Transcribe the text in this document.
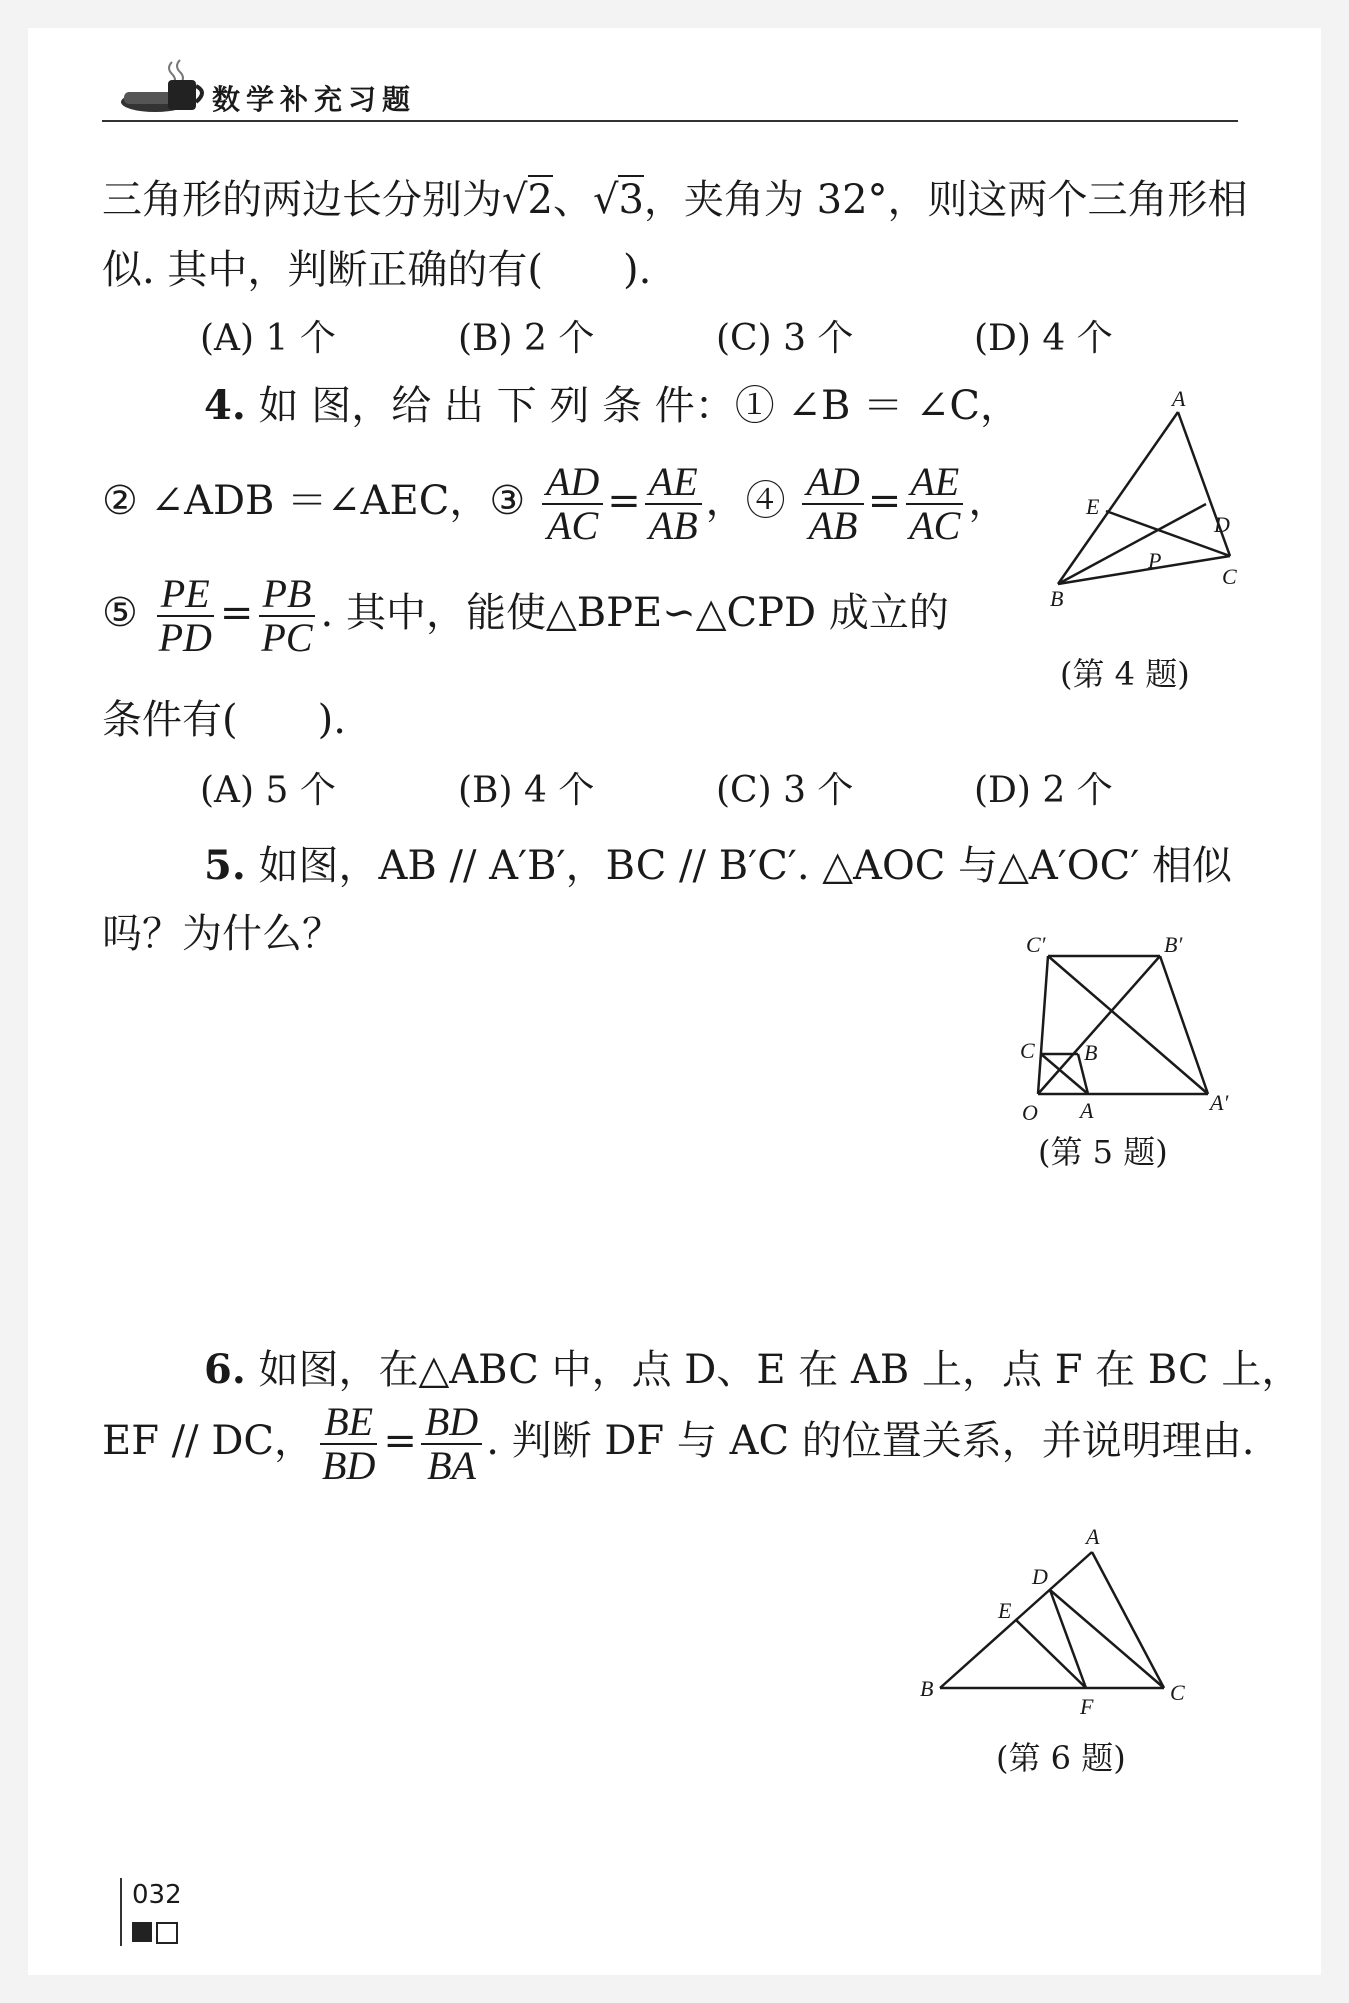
数学补充习题
三角形的两边长分别为√2、√3，夹角为 32°，则这两个三角形相
似. 其中，判断正确的有(　　).
(A) 1 个	(B) 2 个	(C) 3 个	(D) 4 个
4. 如 图，给 出 下 列 条 件：① ∠B ＝ ∠C，
② ∠ADB ＝∠AEC，③ $\frac{AD}{AC} = \frac{AE}{AB}$ ，④ $\frac{AD}{AB} = \frac{AE}{AC}$ ，
⑤ $\frac{PE}{PD} = \frac{PB}{PC}$ . 其中，能使△BPE∽△CPD 成立的
条件有(　　).
(A) 5 个	(B) 4 个	(C) 3 个	(D) 2 个
A
E
D
P
C
B
(第 4 题)
5. 如图，AB // A′B′，BC // B′C′. △AOC 与△A′OC′ 相似
吗？为什么？	C′	B′
C B
O A	A′
(第 5 题)
6. 如图，在△ABC 中，点 D、E 在 AB 上，点 F 在 BC 上，
EF // DC， $\frac{BE}{BD} = \frac{BD}{BA}$ . 判断 DF 与 AC 的位置关系，并说明理由.
A
D
E
B
F
C
(第 6 题)
032
